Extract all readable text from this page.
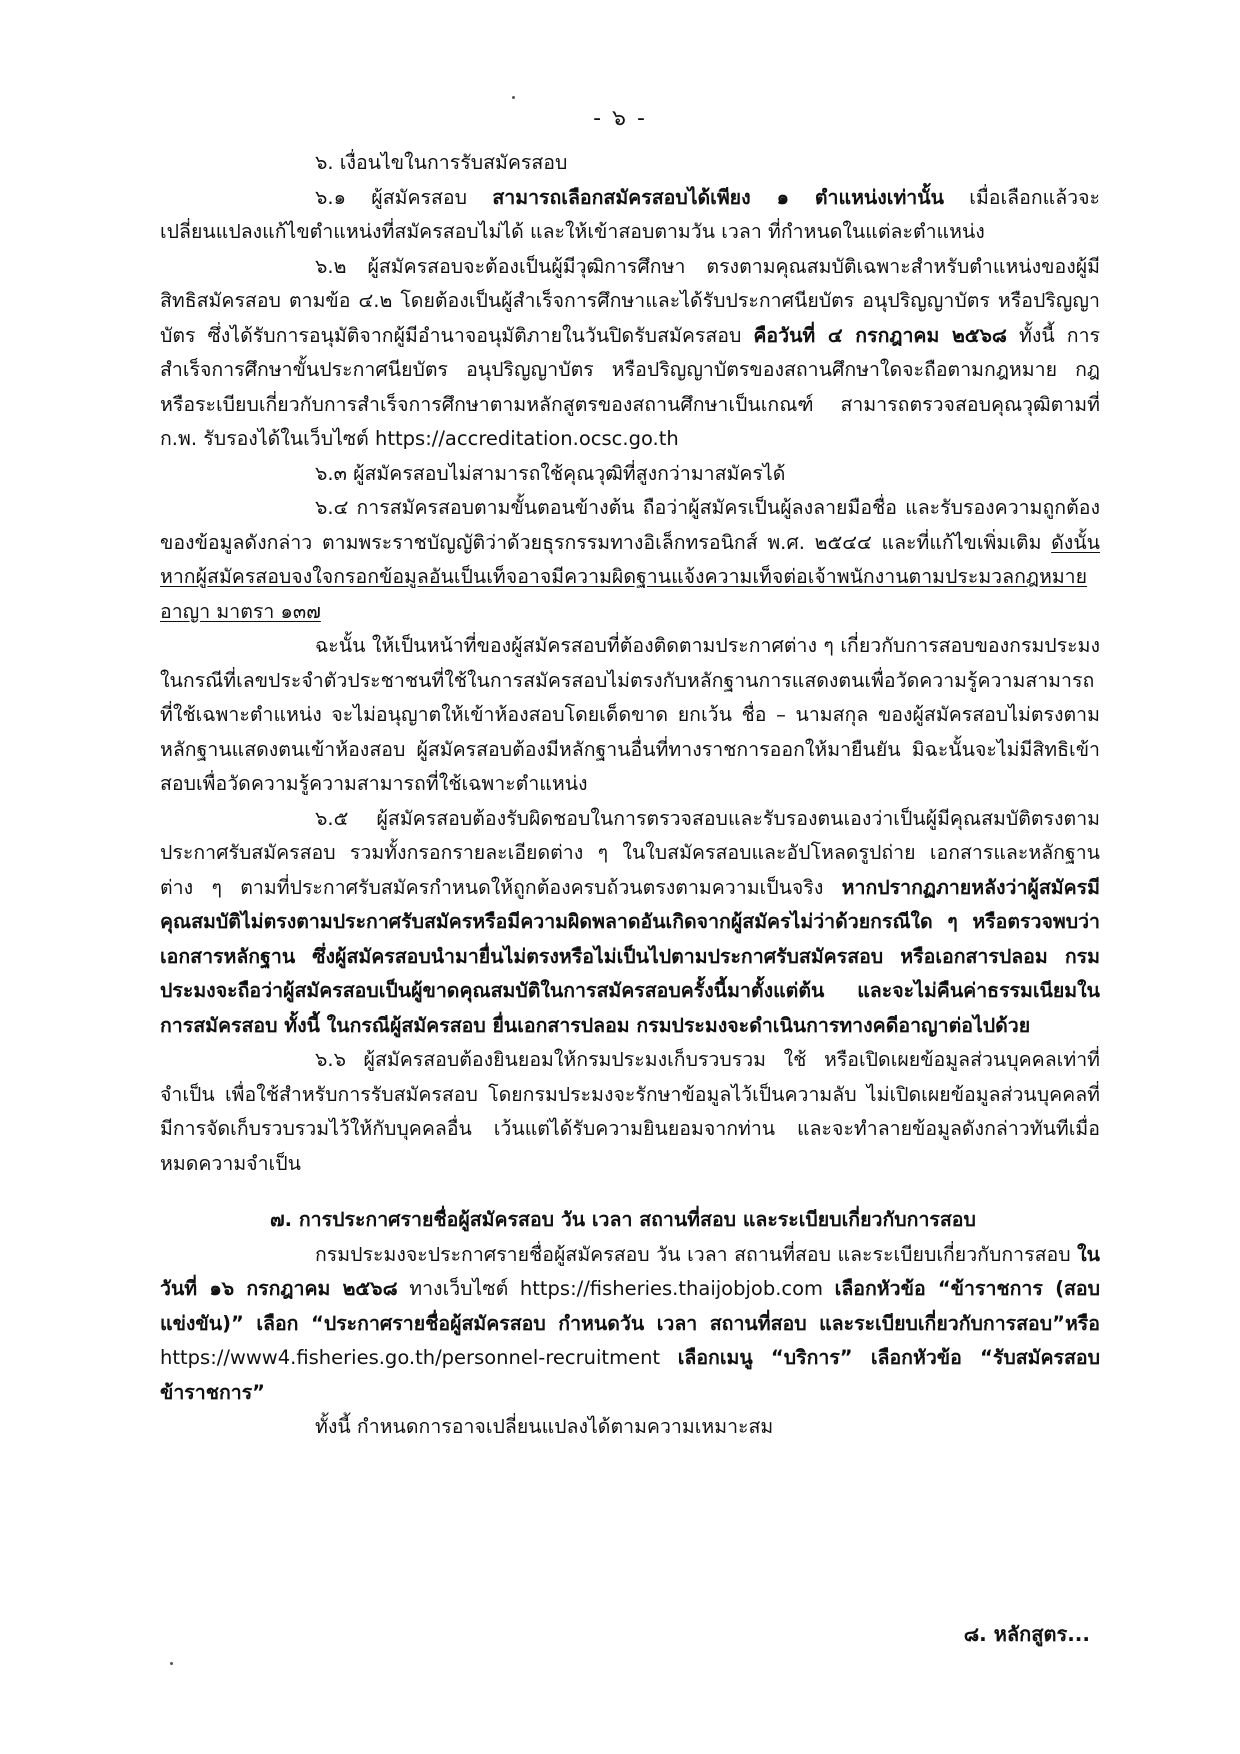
- ๖ -

๖. เงื่อนไขในการรับสมัครสอบ

๖.๑ ผู้สมัครสอบ สามารถเลือกสมัครสอบได้เพียง ๑ ตำแหน่งเท่านั้น เมื่อเลือกแล้วจะเปลี่ยนแปลงแก้ไขตำแหน่งที่สมัครสอบไม่ได้ และให้เข้าสอบตามวัน เวลา ที่กำหนดในแต่ละตำแหน่ง

๖.๒ ผู้สมัครสอบจะต้องเป็นผู้มีวุฒิการศึกษา ตรงตามคุณสมบัติเฉพาะสำหรับตำแหน่งของผู้มีสิทธิสมัครสอบ ตามข้อ ๔.๒ โดยต้องเป็นผู้สำเร็จการศึกษาและได้รับประกาศนียบัตร อนุปริญญาบัตร หรือปริญญาบัตร ซึ่งได้รับการอนุมัติจากผู้มีอำนาจอนุมัติภายในวันปิดรับสมัครสอบ คือวันที่ ๔ กรกฎาคม ๒๕๖๘ ทั้งนี้ การสำเร็จการศึกษาขั้นประกาศนียบัตร อนุปริญญาบัตร หรือปริญญาบัตรของสถานศึกษาใดจะถือตามกฎหมาย กฎ หรือระเบียบเกี่ยวกับการสำเร็จการศึกษาตามหลักสูตรของสถานศึกษาเป็นเกณฑ์ สามารถตรวจสอบคุณวุฒิตามที่ ก.พ. รับรองได้ในเว็บไซต์ https://accreditation.ocsc.go.th

๖.๓ ผู้สมัครสอบไม่สามารถใช้คุณวุฒิที่สูงกว่ามาสมัครได้

๖.๔ การสมัครสอบตามขั้นตอนข้างต้น ถือว่าผู้สมัครเป็นผู้ลงลายมือชื่อ และรับรองความถูกต้องของข้อมูลดังกล่าว ตามพระราชบัญญัติว่าด้วยธุรกรรมทางอิเล็กทรอนิกส์ พ.ศ. ๒๕๔๔ และที่แก้ไขเพิ่มเติม ดังนั้น หากผู้สมัครสอบจงใจกรอกข้อมูลอันเป็นเท็จอาจมีความผิดฐานแจ้งความเท็จต่อเจ้าพนักงานตามประมวลกฎหมายอาญา มาตรา ๑๓๗

ฉะนั้น ให้เป็นหน้าที่ของผู้สมัครสอบที่ต้องติดตามประกาศต่าง ๆ เกี่ยวกับการสอบของกรมประมง ในกรณีที่เลขประจำตัวประชาชนที่ใช้ในการสมัครสอบไม่ตรงกับหลักฐานการแสดงตนเพื่อวัดความรู้ความสามารถที่ใช้เฉพาะตำแหน่ง จะไม่อนุญาตให้เข้าห้องสอบโดยเด็ดขาด ยกเว้น ชื่อ – นามสกุล ของผู้สมัครสอบไม่ตรงตามหลักฐานแสดงตนเข้าห้องสอบ ผู้สมัครสอบต้องมีหลักฐานอื่นที่ทางราชการออกให้มายืนยัน มิฉะนั้นจะไม่มีสิทธิเข้าสอบเพื่อวัดความรู้ความสามารถที่ใช้เฉพาะตำแหน่ง

๖.๕ ผู้สมัครสอบต้องรับผิดชอบในการตรวจสอบและรับรองตนเองว่าเป็นผู้มีคุณสมบัติตรงตามประกาศรับสมัครสอบ รวมทั้งกรอกรายละเอียดต่าง ๆ ในใบสมัครสอบและอัปโหลดรูปถ่าย เอกสารและหลักฐานต่าง ๆ ตามที่ประกาศรับสมัครกำหนดให้ถูกต้องครบถ้วนตรงตามความเป็นจริง หากปรากฏภายหลังว่าผู้สมัครมีคุณสมบัติไม่ตรงตามประกาศรับสมัครหรือมีความผิดพลาดอันเกิดจากผู้สมัครไม่ว่าด้วยกรณีใด ๆ หรือตรวจพบว่าเอกสารหลักฐาน ซึ่งผู้สมัครสอบนำมายื่นไม่ตรงหรือไม่เป็นไปตามประกาศรับสมัครสอบ หรือเอกสารปลอม กรมประมงจะถือว่าผู้สมัครสอบเป็นผู้ขาดคุณสมบัติในการสมัครสอบครั้งนี้มาตั้งแต่ต้น และจะไม่คืนค่าธรรมเนียมในการสมัครสอบ ทั้งนี้ ในกรณีผู้สมัครสอบ ยื่นเอกสารปลอม กรมประมงจะดำเนินการทางคดีอาญาต่อไปด้วย

๖.๖ ผู้สมัครสอบต้องยินยอมให้กรมประมงเก็บรวบรวม ใช้ หรือเปิดเผยข้อมูลส่วนบุคคลเท่าที่จำเป็น เพื่อใช้สำหรับการรับสมัครสอบ โดยกรมประมงจะรักษาข้อมูลไว้เป็นความลับ ไม่เปิดเผยข้อมูลส่วนบุคคลที่มีการจัดเก็บรวบรวมไว้ให้กับบุคคลอื่น เว้นแต่ได้รับความยินยอมจากท่าน และจะทำลายข้อมูลดังกล่าวทันทีเมื่อหมดความจำเป็น

๗. การประกาศรายชื่อผู้สมัครสอบ วัน เวลา สถานที่สอบ และระเบียบเกี่ยวกับการสอบ

กรมประมงจะประกาศรายชื่อผู้สมัครสอบ วัน เวลา สถานที่สอบ และระเบียบเกี่ยวกับการสอบ ในวันที่ ๑๖ กรกฎาคม ๒๕๖๘ ทางเว็บไซต์ https://fisheries.thaijobjob.com เลือกหัวข้อ “ข้าราชการ (สอบแข่งขัน)” เลือก “ประกาศรายชื่อผู้สมัครสอบ กำหนดวัน เวลา สถานที่สอบ และระเบียบเกี่ยวกับการสอบ”หรือ https://www4.fisheries.go.th/personnel-recruitment เลือกเมนู “บริการ” เลือกหัวข้อ “รับสมัครสอบข้าราชการ”

ทั้งนี้ กำหนดการอาจเปลี่ยนแปลงได้ตามความเหมาะสม

๘. หลักสูตร...
